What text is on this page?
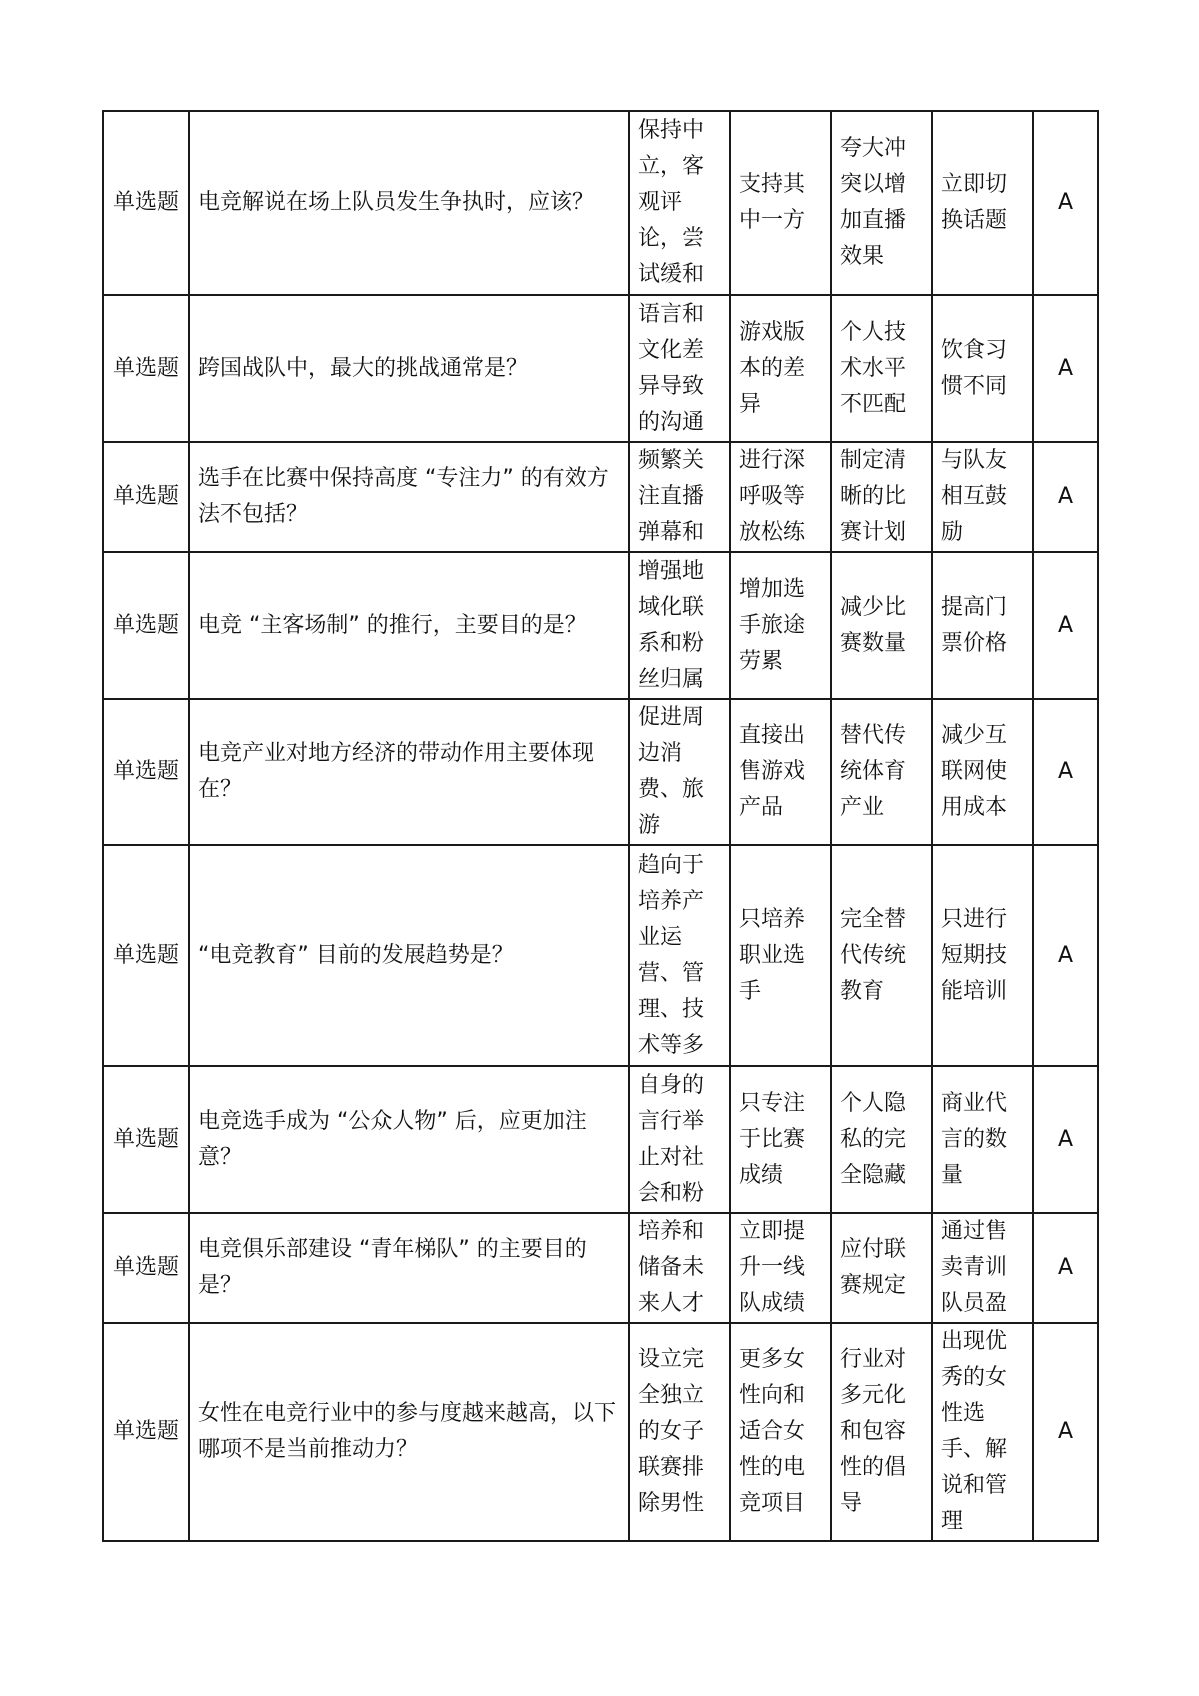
单选题	电竞解说在场上队员发生争执时，应该？	保持中立，客观评论，尝试缓和	支持其中一方	夸大冲突以增加直播效果	立即切换话题	A
单选题	跨国战队中，最大的挑战通常是？	语言和文化差异导致的沟通	游戏版本的差异	个人技术水平不匹配	饮食习惯不同	A
单选题	选手在比赛中保持高度 “专注力” 的有效方法不包括？	频繁关注直播弹幕和	进行深呼吸等放松练	制定清晰的比赛计划	与队友相互鼓励	A
单选题	电竞 “主客场制” 的推行，主要目的是？	增强地域化联系和粉丝归属	增加选手旅途劳累	减少比赛数量	提高门票价格	A
单选题	电竞产业对地方经济的带动作用主要体现在？	促进周边消费、旅游	直接出售游戏产品	替代传统体育产业	减少互联网使用成本	A
单选题	“电竞教育” 目前的发展趋势是？	趋向于培养产业运营、管理、技术等多	只培养职业选手	完全替代传统教育	只进行短期技能培训	A
单选题	电竞选手成为 “公众人物” 后，应更加注意？	自身的言行举止对社会和粉	只专注于比赛成绩	个人隐私的完全隐藏	商业代言的数量	A
单选题	电竞俱乐部建设 “青年梯队” 的主要目的是？	培养和储备未来人才	立即提升一线队成绩	应付联赛规定	通过售卖青训队员盈	A
单选题	女性在电竞行业中的参与度越来越高，以下哪项不是当前推动力？	设立完全独立的女子联赛排除男性	更多女性向和适合女性的电竞项目	行业对多元化和包容性的倡导	出现优秀的女性选手、解说和管理	A
